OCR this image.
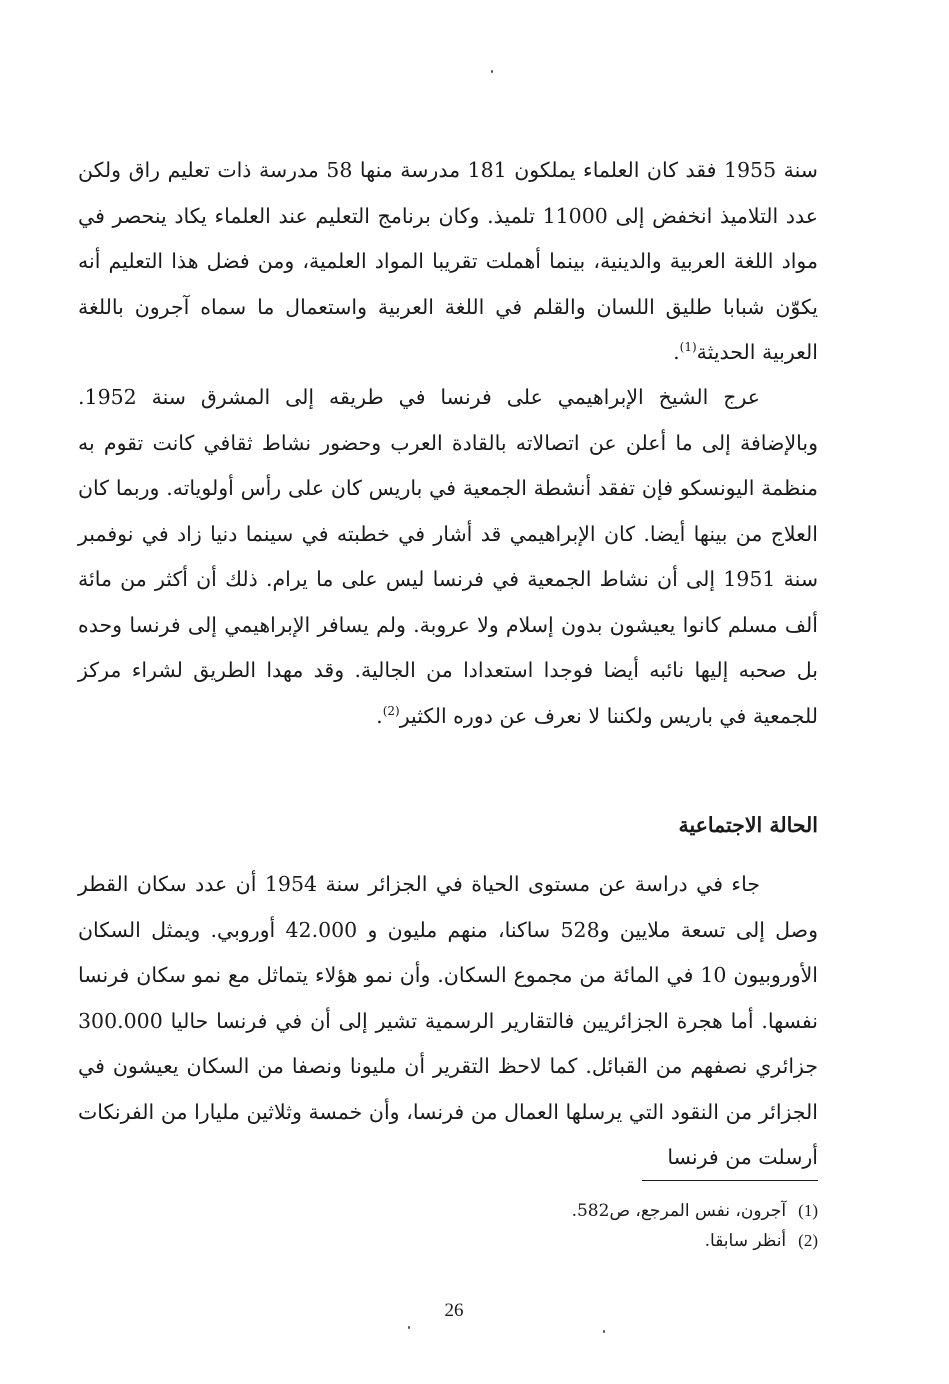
سنة 1955 فقد كان العلماء يملكون 181 مدرسة منها 58 مدرسة ذات تعليم راق ولكن عدد التلاميذ انخفض إلى 11000 تلميذ. وكان برنامج التعليم عند العلماء يكاد ينحصر في مواد اللغة العربية والدينية، بينما أهملت تقريبا المواد العلمية، ومن فضل هذا التعليم أنه يكوّن شبابا طليق اللسان والقلم في اللغة العربية واستعمال ما سماه آجرون باللغة العربية الحديثة$^{(1)}$.
عرج الشيخ الإبراهيمي على فرنسا في طريقه إلى المشرق سنة 1952. وبالإضافة إلى ما أعلن عن اتصالاته بالقادة العرب وحضور نشاط ثقافي كانت تقوم به منظمة اليونسكو فإن تفقد أنشطة الجمعية في باريس كان على رأس أولوياته. وربما كان العلاج من بينها أيضا. كان الإبراهيمي قد أشار في خطبته في سينما دنيا زاد في نوفمبر سنة 1951 إلى أن نشاط الجمعية في فرنسا ليس على ما يرام. ذلك أن أكثر من مائة ألف مسلم كانوا يعيشون بدون إسلام ولا عروبة. ولم يسافر الإبراهيمي إلى فرنسا وحده بل صحبه إليها نائبه أيضا فوجدا استعدادا من الجالية. وقد مهدا الطريق لشراء مركز للجمعية في باريس ولكننا لا نعرف عن دوره الكثير$^{(2)}$.
الحالة الاجتماعية
جاء في دراسة عن مستوى الحياة في الجزائر سنة 1954 أن عدد سكان القطر وصل إلى تسعة ملايين و528 ساكنا، منهم مليون و 42.000 أوروبي. ويمثل السكان الأوروبيون 10 في المائة من مجموع السكان. وأن نمو هؤلاء يتماثل مع نمو سكان فرنسا نفسها. أما هجرة الجزائريين فالتقارير الرسمية تشير إلى أن في فرنسا حاليا 300.000 جزائري نصفهم من القبائل. كما لاحظ التقرير أن مليونا ونصفا من السكان يعيشون في الجزائر من النقود التي يرسلها العمال من فرنسا، وأن خمسة وثلاثين مليارا من الفرنكات أرسلت من فرنسا
(1)آجرون، نفس المرجع، ص582.
(2)أنظر سابقا.
26
